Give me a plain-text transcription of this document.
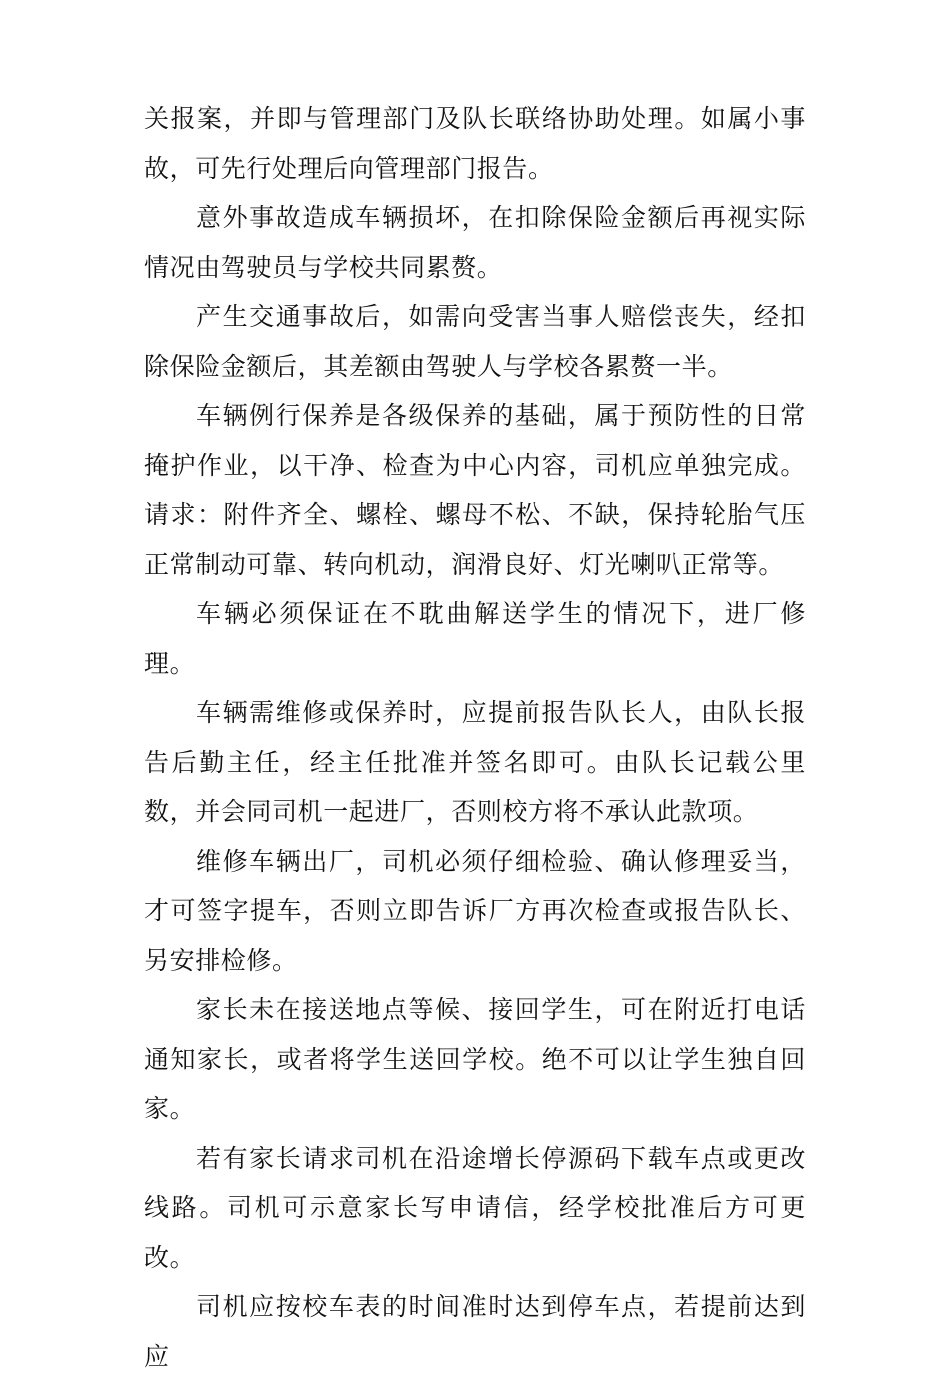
关报案，并即与管理部门及队长联络协助处理。如属小事故，可先行处理后向管理部门报告。

意外事故造成车辆损坏，在扣除保险金额后再视实际情况由驾驶员与学校共同累赘。

产生交通事故后，如需向受害当事人赔偿丧失，经扣除保险金额后，其差额由驾驶人与学校各累赘一半。

车辆例行保养是各级保养的基础，属于预防性的日常掩护作业，以干净、检查为中心内容，司机应单独完成。请求：附件齐全、螺栓、螺母不松、不缺，保持轮胎气压正常制动可靠、转向机动，润滑良好、灯光喇叭正常等。

车辆必须保证在不耽曲解送学生的情况下，进厂修理。

车辆需维修或保养时，应提前报告队长人，由队长报告后勤主任，经主任批准并签名即可。由队长记载公里数，并会同司机一起进厂，否则校方将不承认此款项。

维修车辆出厂，司机必须仔细检验、确认修理妥当，才可签字提车，否则立即告诉厂方再次检查或报告队长、另安排检修。

家长未在接送地点等候、接回学生，可在附近打电话通知家长，或者将学生送回学校。绝不可以让学生独自回家。

若有家长请求司机在沿途增长停源码下载车点或更改线路。司机可示意家长写申请信，经学校批准后方可更改。

司机应按校车表的时间准时达到停车点，若提前达到应
